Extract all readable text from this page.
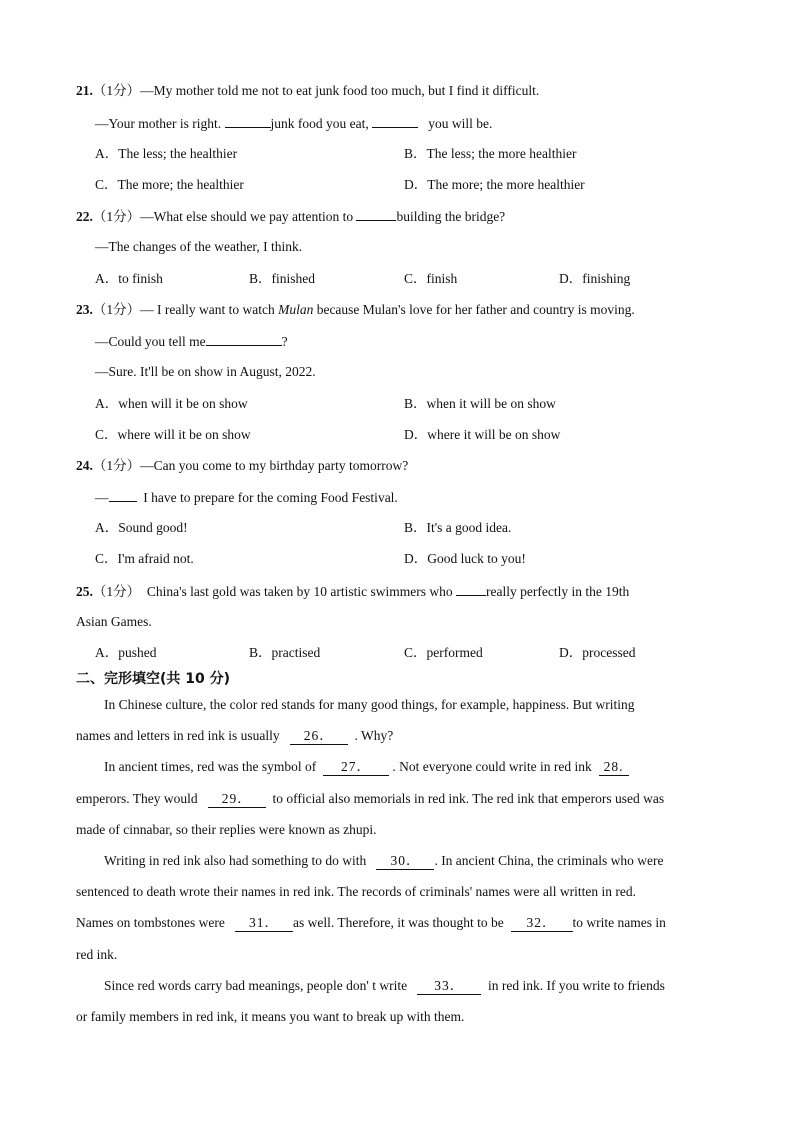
21.（1分）—My mother told me not to eat junk food too much, but I find it difficult.
—Your mother is right.	junk food you eat,	you will be.
A．The less; the healthier	B．The less; the more healthier
C．The more; the healthier	D．The more; the more healthier
22.（1分）—What else should we pay attention to	building the bridge?
—The changes of the weather, I think.
A．to finish	B．finished	C．finish	D．finishing
23.（1分）— I really want to watch Mulan because Mulan's love for her father and country is moving.
—Could you tell me	?
—Sure. It'll be on show in August, 2022.
A．when will it be on show	B．when it will be on show
C．where will it be on show	D．where it will be on show
24.（1分）—Can you come to my birthday party tomorrow?
—	I have to prepare for the coming Food Festival.
A．Sound good!	B．It's a good idea.
C．I'm afraid not.	D．Good luck to you!
25.（1分） China's last gold was taken by 10 artistic swimmers who really perfectly in the 19th
Asian Games.
A．pushed	B．practised	C．performed	D．processed
二、完形填空(共 10 分)
In Chinese culture, the color red stands for many good things, for example, happiness. But writing
names and letters in red ink is usually 26． . Why?
In ancient times, red was the symbol of 27． . Not everyone could write in red ink 28.
emperors. They would 29． to official also memorials in red ink. The red ink that emperors used was
made of cinnabar, so their replies were known as zhupi.
Writing in red ink also had something to do with 30． . In ancient China, the criminals who were
sentenced to death wrote their names in red ink. The records of criminals' names were all written in red.
Names on tombstones were 31． as well. Therefore, it was thought to be 32． to write names in
red ink.
Since red words carry bad meanings, people don' t write 33． in red ink. If you write to friends
or family members in red ink, it means you want to break up with them.
